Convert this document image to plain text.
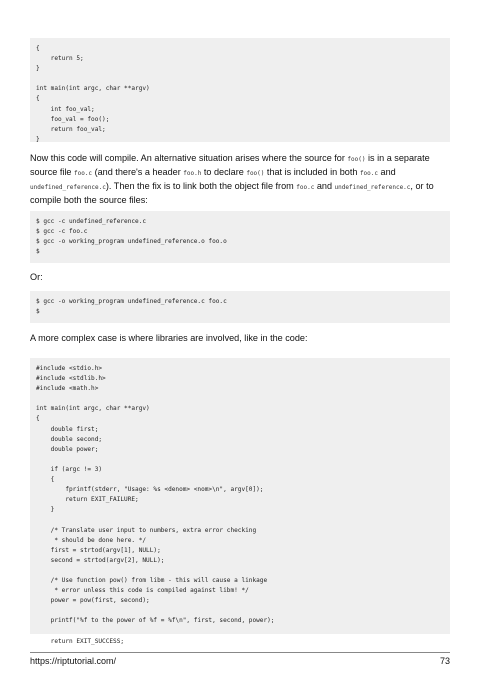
{
return 5;
}

int main(int argc, char **argv)
{
int foo_val;
foo_val = foo();
return foo_val;
}

Now this code will compile. An alternative situation arises where the source for foo() is in a separate source file foo.c (and there's a header foo.h to declare foo() that is included in both foo.c and undefined_reference.c). Then the fix is to link both the object file from foo.c and undefined_reference.c, or to compile both the source files:

$ gcc -c undefined_reference.c
$ gcc -c foo.c
$ gcc -o working_program undefined_reference.o foo.o
$

Or:

$ gcc -o working_program undefined_reference.c foo.c
$

A more complex case is where libraries are involved, like in the code:

#include <stdio.h>
#include <stdlib.h>
#include <math.h>

int main(int argc, char **argv)
{
double first;
double second;
double power;

if (argc != 3)
{
fprintf(stderr, "Usage: %s <denom> <nom>\n", argv[0]);
return EXIT_FAILURE;
}

/* Translate user input to numbers, extra error checking
* should be done here. */
first = strtod(argv[1], NULL);
second = strtod(argv[2], NULL);

/* Use function pow() from libm - this will cause a linkage
* error unless this code is compiled against libm! */
power = pow(first, second);

printf("%f to the power of %f = %f\n", first, second, power);

return EXIT_SUCCESS;
https://riptutorial.com/	73
